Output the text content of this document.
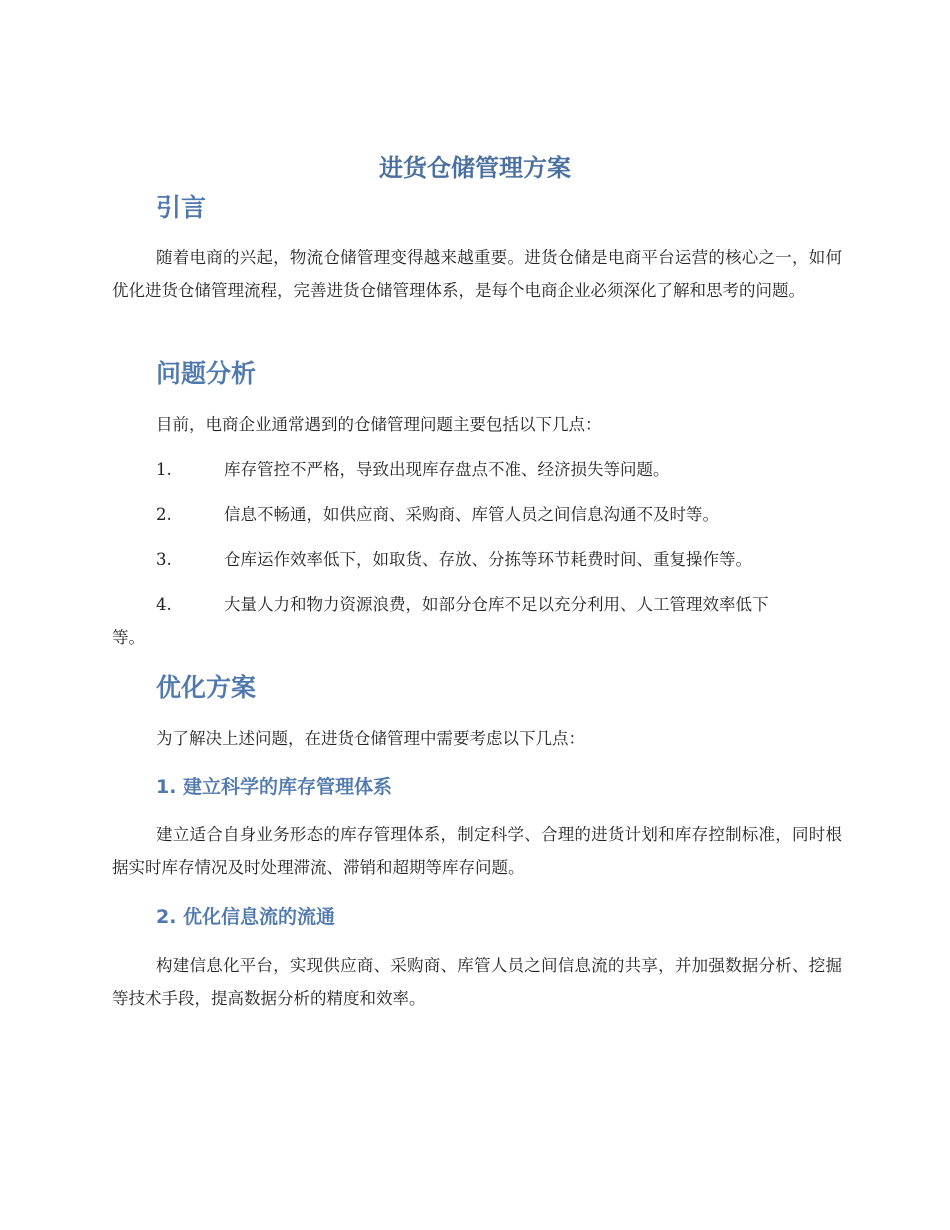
进货仓储管理方案
引言

随着电商的兴起，物流仓储管理变得越来越重要。进货仓储是电商平台运营的核心之一，如何优化进货仓储管理流程，完善进货仓储管理体系，是每个电商企业必须深化了解和思考的问题。

问题分析

目前，电商企业通常遇到的仓储管理问题主要包括以下几点：

1.	库存管控不严格，导致出现库存盘点不准、经济损失等问题。
2.	信息不畅通，如供应商、采购商、库管人员之间信息沟通不及时等。
3.	仓库运作效率低下，如取货、存放、分拣等环节耗费时间、重复操作等。
4.	大量人力和物力资源浪费，如部分仓库不足以充分利用、人工管理效率低下
等。
优化方案

为了解决上述问题，在进货仓储管理中需要考虑以下几点：

1. 建立科学的库存管理体系

建立适合自身业务形态的库存管理体系，制定科学、合理的进货计划和库存控制标准，同时根据实时库存情况及时处理滞流、滞销和超期等库存问题。

2. 优化信息流的流通

构建信息化平台，实现供应商、采购商、库管人员之间信息流的共享，并加强数据分析、挖掘等技术手段，提高数据分析的精度和效率。
